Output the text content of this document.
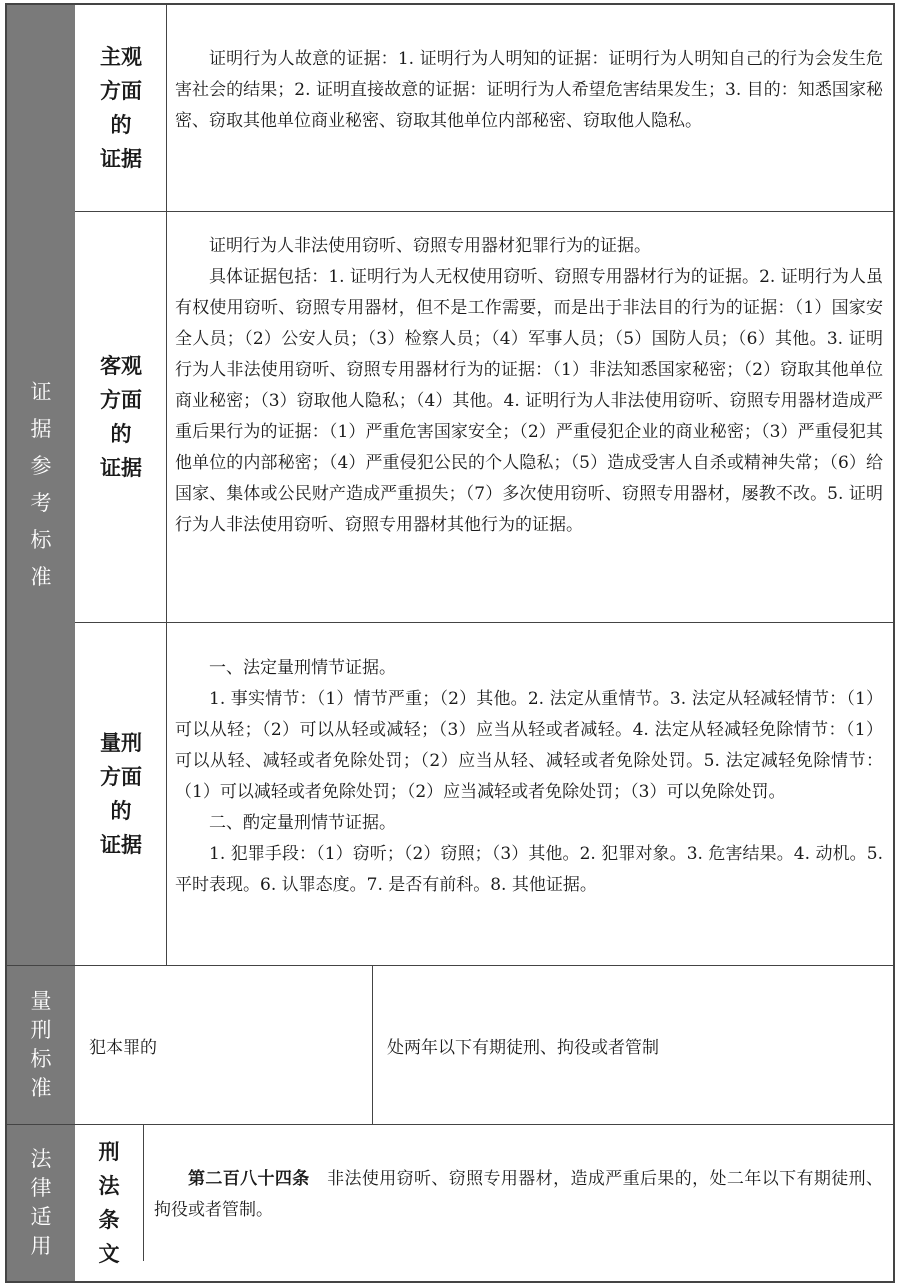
证
据
参
考
标
准
主观
方面
的
证据

证明行为人故意的证据：1. 证明行为人明知的证据：证明行为人明知自己的行为会发生危害社会的结果；2. 证明直接故意的证据：证明行为人希望危害结果发生；3. 目的：知悉国家秘密、窃取其他单位商业秘密、窃取其他单位内部秘密、窃取他人隐私。

客观
方面
的
证据

证明行为人非法使用窃听、窃照专用器材犯罪行为的证据。

具体证据包括：1. 证明行为人无权使用窃听、窃照专用器材行为的证据。2. 证明行为人虽有权使用窃听、窃照专用器材，但不是工作需要，而是出于非法目的行为的证据：（1）国家安全人员；（2）公安人员；（3）检察人员；（4）军事人员；（5）国防人员；（6）其他。3. 证明行为人非法使用窃听、窃照专用器材行为的证据：（1）非法知悉国家秘密；（2）窃取其他单位商业秘密；（3）窃取他人隐私；（4）其他。4. 证明行为人非法使用窃听、窃照专用器材造成严重后果行为的证据：（1）严重危害国家安全；（2）严重侵犯企业的商业秘密；（3）严重侵犯其他单位的内部秘密；（4）严重侵犯公民的个人隐私；（5）造成受害人自杀或精神失常；（6）给国家、集体或公民财产造成严重损失；（7）多次使用窃听、窃照专用器材，屡教不改。5. 证明行为人非法使用窃听、窃照专用器材其他行为的证据。

量刑
方面
的
证据

一、法定量刑情节证据。

1. 事实情节：（1）情节严重；（2）其他。2. 法定从重情节。3. 法定从轻减轻情节：（1）可以从轻；（2）可以从轻或减轻；（3）应当从轻或者减轻。4. 法定从轻减轻免除情节：（1）可以从轻、减轻或者免除处罚；（2）应当从轻、减轻或者免除处罚。5. 法定减轻免除情节：（1）可以减轻或者免除处罚；（2）应当减轻或者免除处罚；（3）可以免除处罚。

二、酌定量刑情节证据。

1. 犯罪手段：（1）窃听；（2）窃照；（3）其他。2. 犯罪对象。3. 危害结果。4. 动机。5. 平时表现。6. 认罪态度。7. 是否有前科。8. 其他证据。

量
刑
标
准
犯本罪的	处两年以下有期徒刑、拘役或者管制
法
律
适
用
刑
法
条
文

第二百八十四条 非法使用窃听、窃照专用器材，造成严重后果的，处二年以下有期徒刑、拘役或者管制。
